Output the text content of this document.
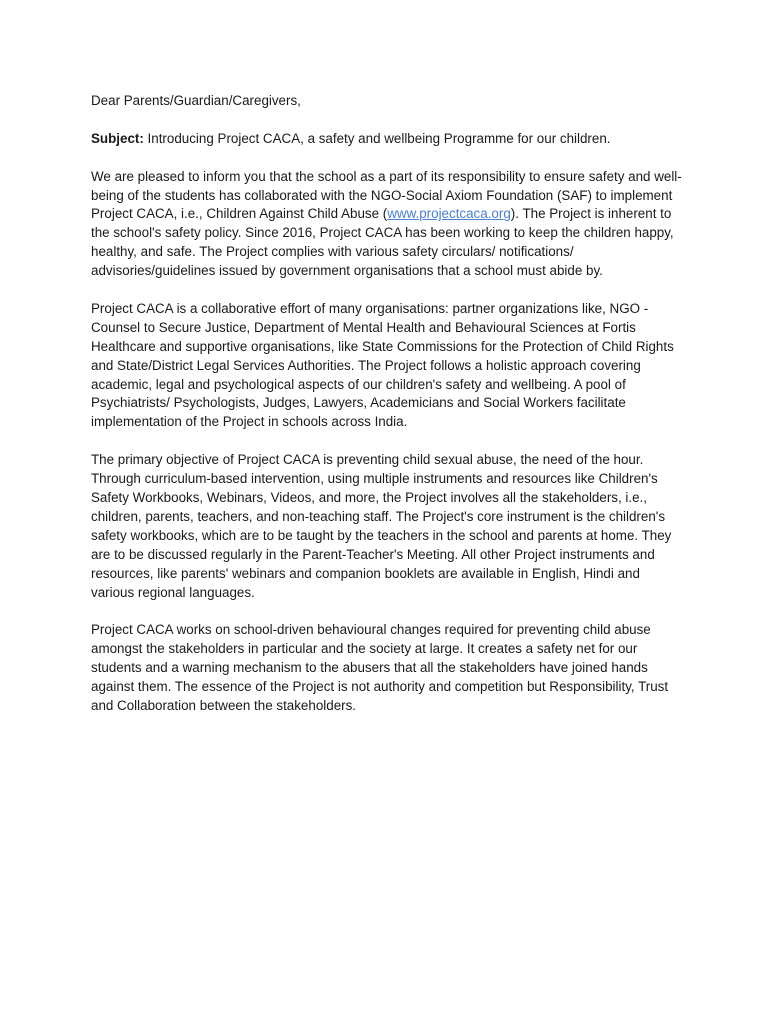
Dear Parents/Guardian/Caregivers,

Subject: Introducing Project CACA, a safety and wellbeing Programme for our children.

We are pleased to inform you that the school as a part of its responsibility to ensure safety and well-being of the students has collaborated with the NGO-Social Axiom Foundation (SAF) to implement Project CACA, i.e., Children Against Child Abuse (www.projectcaca.org). The Project is inherent to the school's safety policy. Since 2016, Project CACA has been working to keep the children happy, healthy, and safe. The Project complies with various safety circulars/ notifications/ advisories/guidelines issued by government organisations that a school must abide by.

Project CACA is a collaborative effort of many organisations: partner organizations like, NGO - Counsel to Secure Justice, Department of Mental Health and Behavioural Sciences at Fortis Healthcare and supportive organisations, like State Commissions for the Protection of Child Rights and State/District Legal Services Authorities. The Project follows a holistic approach covering academic, legal and psychological aspects of our children's safety and wellbeing. A pool of Psychiatrists/ Psychologists, Judges, Lawyers, Academicians and Social Workers facilitate implementation of the Project in schools across India.

The primary objective of Project CACA is preventing child sexual abuse, the need of the hour. Through curriculum-based intervention, using multiple instruments and resources like Children's Safety Workbooks, Webinars, Videos, and more, the Project involves all the stakeholders, i.e., children, parents, teachers, and non-teaching staff. The Project's core instrument is the children's safety workbooks, which are to be taught by the teachers in the school and parents at home. They are to be discussed regularly in the Parent-Teacher's Meeting. All other Project instruments and resources, like parents' webinars and companion booklets are available in English, Hindi and various regional languages.

Project CACA works on school-driven behavioural changes required for preventing child abuse amongst the stakeholders in particular and the society at large. It creates a safety net for our students and a warning mechanism to the abusers that all the stakeholders have joined hands against them. The essence of the Project is not authority and competition but Responsibility, Trust and Collaboration between the stakeholders.
